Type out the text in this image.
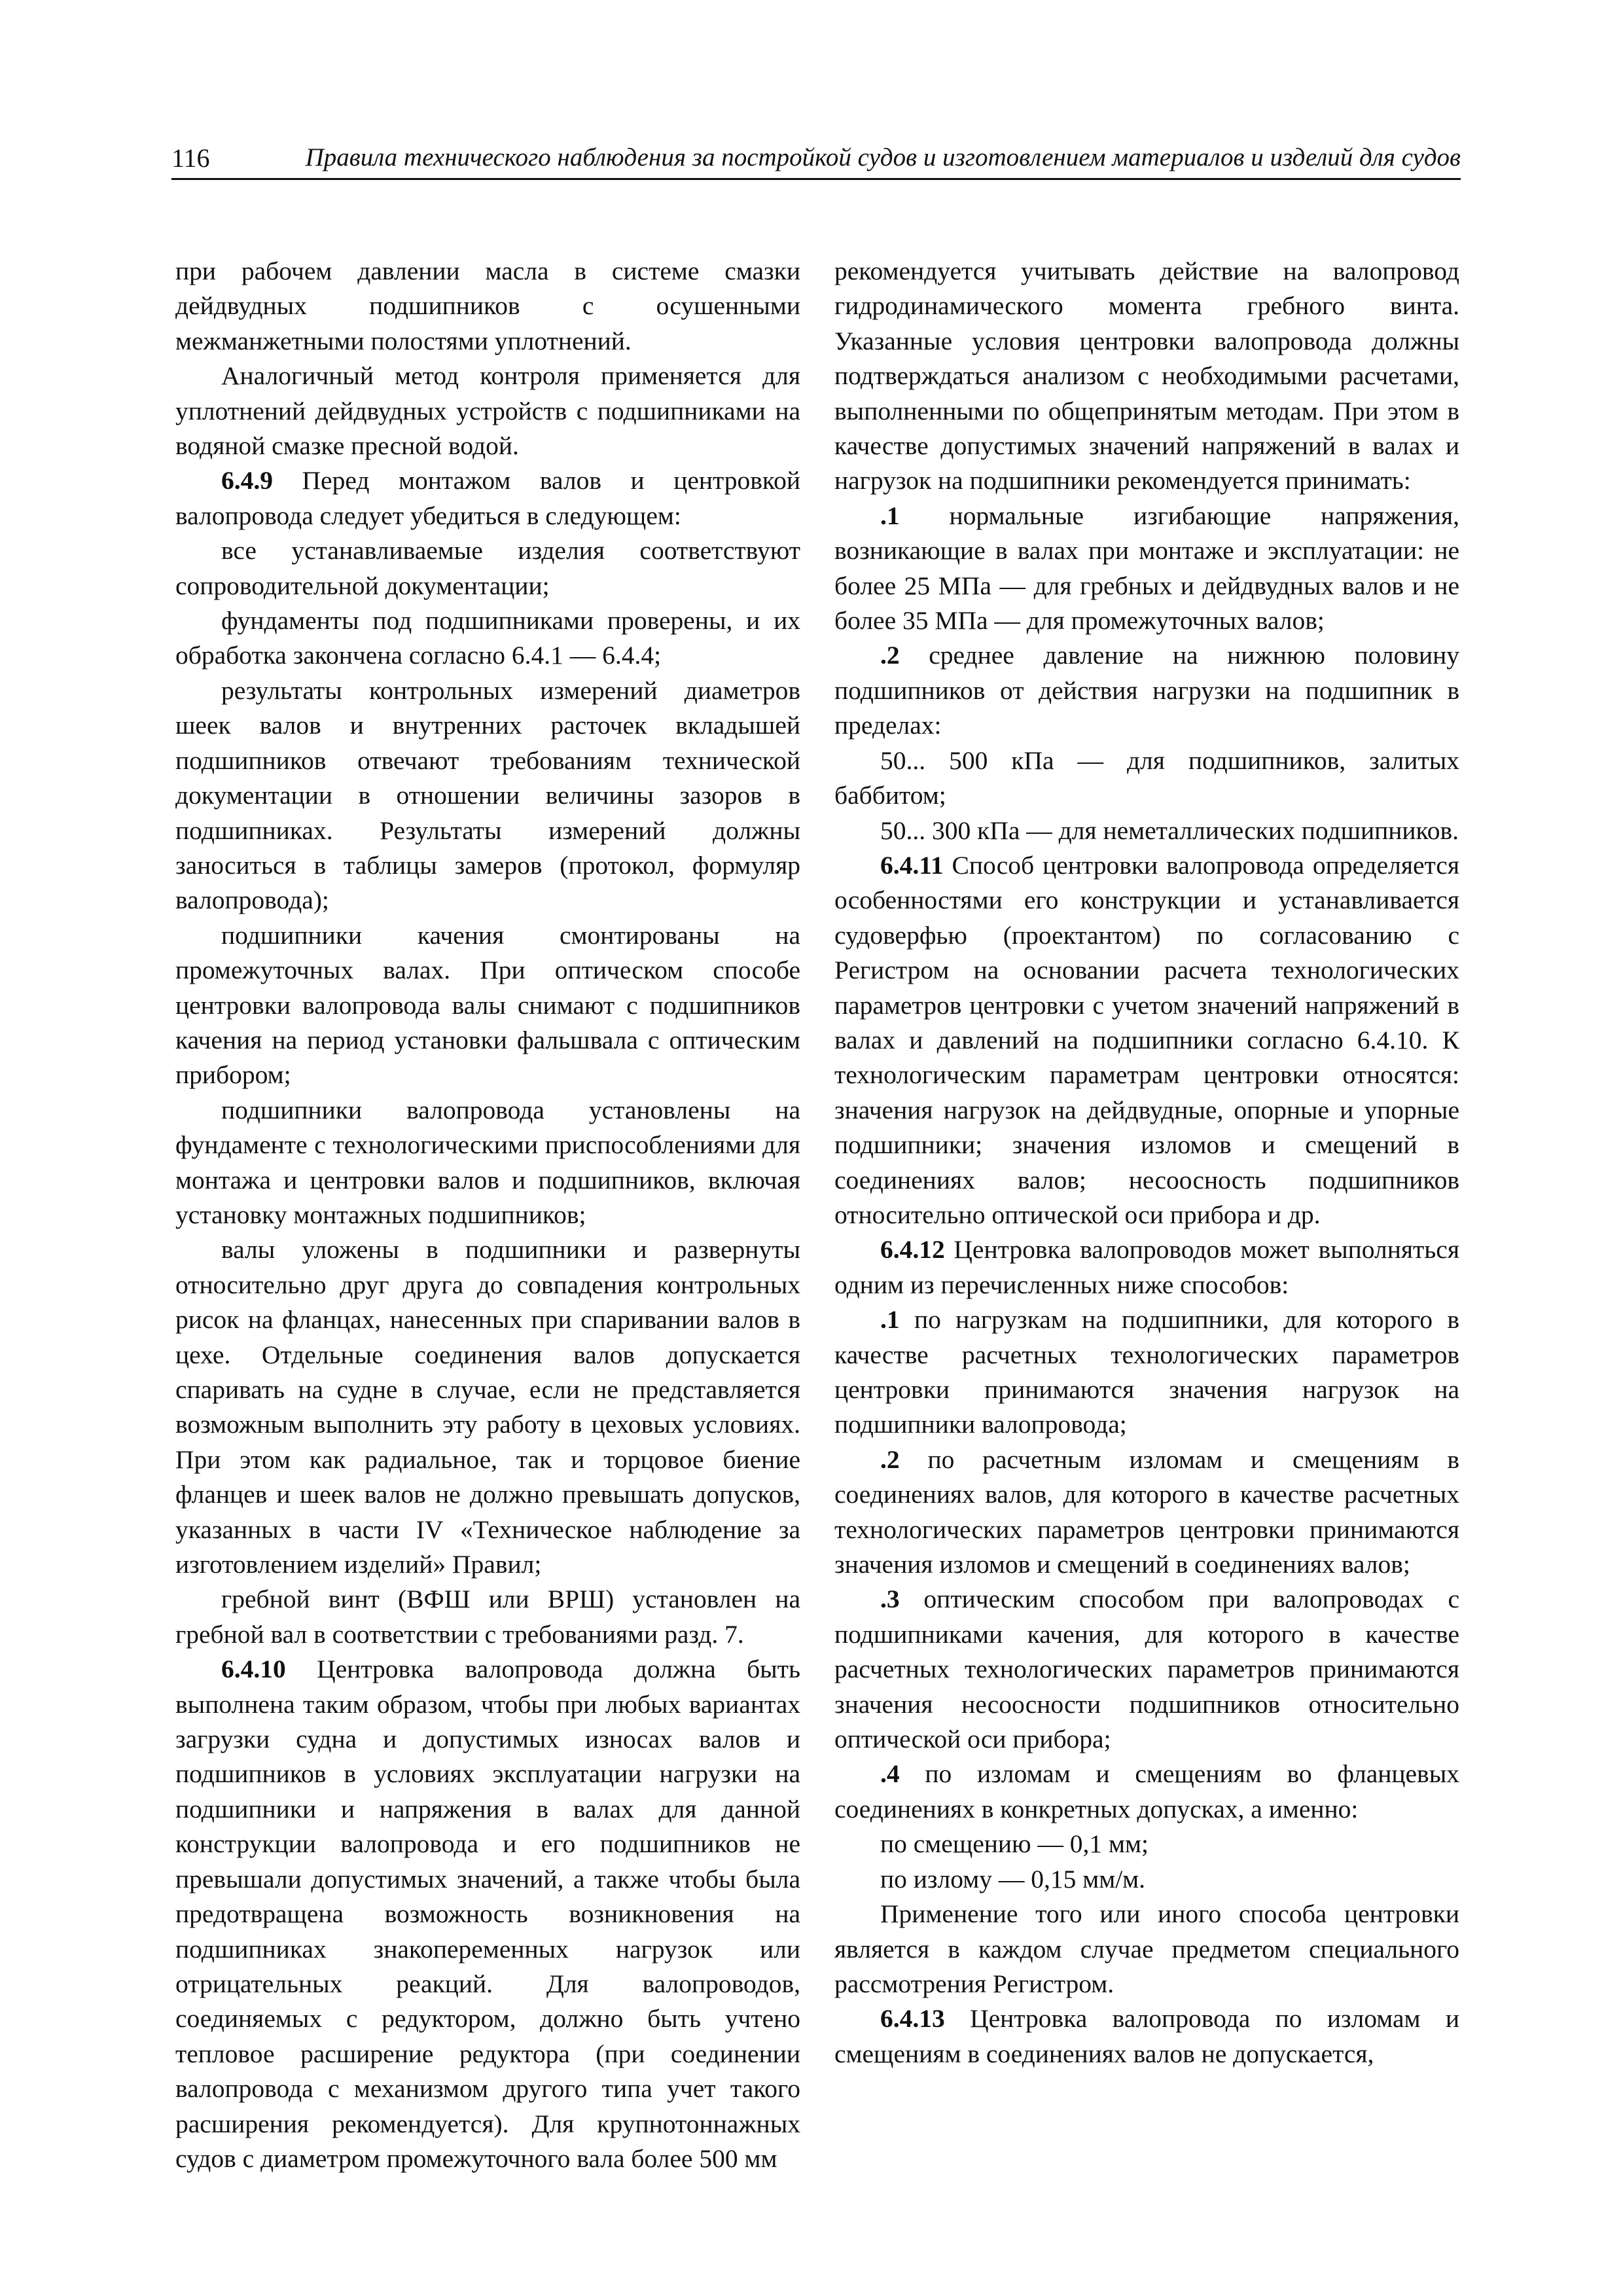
116	Правила технического наблюдения за постройкой судов и изготовлением материалов и изделий для судов

при рабочем давлении масла в системе смазки дейдвудных подшипников с осушенными межманжетными полостями уплотнений.

Аналогичный метод контроля применяется для уплотнений дейдвудных устройств с подшипниками на водяной смазке пресной водой.

6.4.9 Перед монтажом валов и центровкой валопровода следует убедиться в следующем:

все устанавливаемые изделия соответствуют сопроводительной документации;

фундаменты под подшипниками проверены, и их обработка закончена согласно 6.4.1 — 6.4.4;

результаты контрольных измерений диаметров шеек валов и внутренних расточек вкладышей подшипников отвечают требованиям технической документации в отношении величины зазоров в подшипниках. Результаты измерений должны заноситься в таблицы замеров (протокол, формуляр валопровода);

подшипники качения смонтированы на промежуточных валах. При оптическом способе центровки валопровода валы снимают с подшипников качения на период установки фальшвала с оптическим прибором;

подшипники валопровода установлены на фундаменте с технологическими приспособлениями для монтажа и центровки валов и подшипников, включая установку монтажных подшипников;

валы уложены в подшипники и развернуты относительно друг друга до совпадения контрольных рисок на фланцах, нанесенных при спаривании валов в цехе. Отдельные соединения валов допускается спаривать на судне в случае, если не представляется возможным выполнить эту работу в цеховых условиях. При этом как радиальное, так и торцовое биение фланцев и шеек валов не должно превышать допусков, указанных в части IV «Техническое наблюдение за изготовлением изделий» Правил;

гребной винт (ВФШ или ВРШ) установлен на гребной вал в соответствии с требованиями разд. 7.

6.4.10 Центровка валопровода должна быть выполнена таким образом, чтобы при любых вариантах загрузки судна и допустимых износах валов и подшипников в условиях эксплуатации нагрузки на подшипники и напряжения в валах для данной конструкции валопровода и его подшипников не превышали допустимых значений, а также чтобы была предотвращена возможность возникновения на подшипниках знакопеременных нагрузок или отрицательных реакций. Для валопроводов, соединяемых с редуктором, должно быть учтено тепловое расширение редуктора (при соединении валопровода с механизмом другого типа учет такого расширения рекомендуется). Для крупнотоннажных судов с диаметром промежуточного вала более 500 мм

рекомендуется учитывать действие на валопровод гидродинамического момента гребного винта. Указанные условия центровки валопровода должны подтверждаться анализом с необходимыми расчетами, выполненными по общепринятым методам. При этом в качестве допустимых значений напряжений в валах и нагрузок на подшипники рекомендуется принимать:

.1 нормальные изгибающие напряжения, возникающие в валах при монтаже и эксплуатации: не более 25 МПа — для гребных и дейдвудных валов и не более 35 МПа — для промежуточных валов;

.2 среднее давление на нижнюю половину подшипников от действия нагрузки на подшипник в пределах:

50... 500 кПа — для подшипников, залитых баббитом;

50... 300 кПа — для неметаллических подшипников.

6.4.11 Способ центровки валопровода определяется особенностями его конструкции и устанавливается судоверфью (проектантом) по согласованию с Регистром на основании расчета технологических параметров центровки с учетом значений напряжений в валах и давлений на подшипники согласно 6.4.10. К технологическим параметрам центровки относятся: значения нагрузок на дейдвудные, опорные и упорные подшипники; значения изломов и смещений в соединениях валов; несоосность подшипников относительно оптической оси прибора и др.

6.4.12 Центровка валопроводов может выполняться одним из перечисленных ниже способов:

.1 по нагрузкам на подшипники, для которого в качестве расчетных технологических параметров центровки принимаются значения нагрузок на подшипники валопровода;

.2 по расчетным изломам и смещениям в соединениях валов, для которого в качестве расчетных технологических параметров центровки принимаются значения изломов и смещений в соединениях валов;

.3 оптическим способом при валопроводах с подшипниками качения, для которого в качестве расчетных технологических параметров принимаются значения несоосности подшипников относительно оптической оси прибора;

.4 по изломам и смещениям во фланцевых соединениях в конкретных допусках, а именно:

по смещению — 0,1 мм;

по излому — 0,15 мм/м.

Применение того или иного способа центровки является в каждом случае предметом специального рассмотрения Регистром.

6.4.13 Центровка валопровода по изломам и смещениям в соединениях валов не допускается,
